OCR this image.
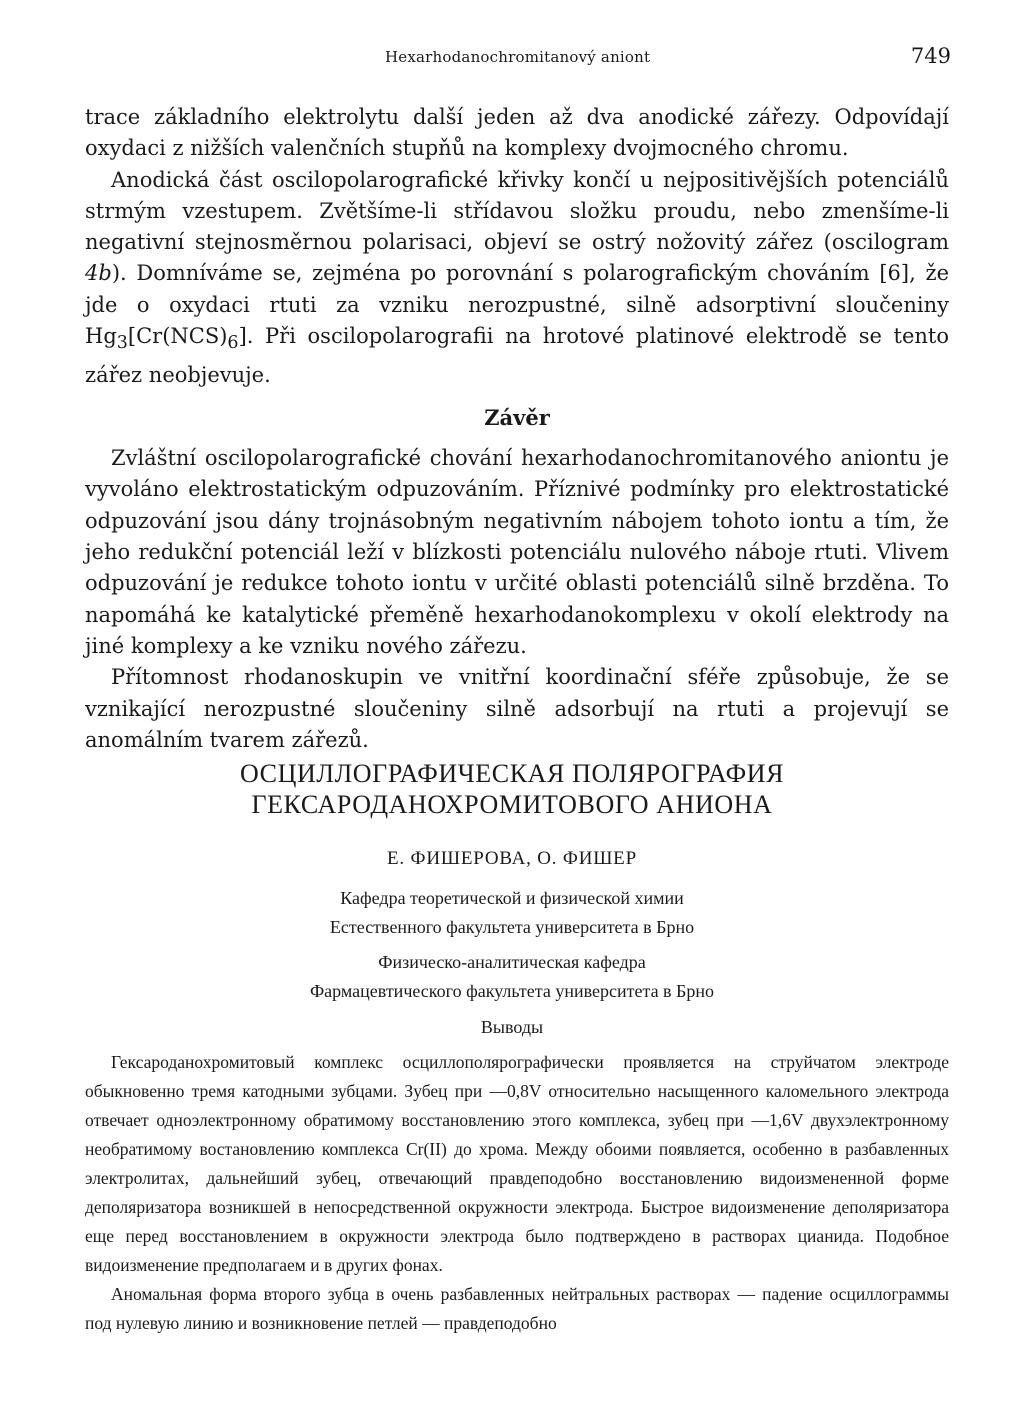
Hexarhodanochromitanový aniont	749

trace základního elektrolytu další jeden až dva anodické zářezy. Odpovídají oxydaci z nižších valenčních stupňů na komplexy dvojmocného chromu.

Anodická část oscilopolarografické křivky končí u nejpositivějších potenciálů strmým vzestupem. Zvětšíme-li střídavou složku proudu, nebo zmenšíme-li negativní stejnosměrnou polarisaci, objeví se ostrý nožovitý zářez (oscilogram 4b). Domníváme se, zejména po porovnání s polarografickým chováním [6], že jde o oxydaci rtuti za vzniku nerozpustné, silně adsorptivní sloučeniny $Hg_3[Cr(NCS)_6]$. Při oscilopolarografii na hrotové platinové elektrodě se tento zářez neobjevuje.

Závěr

Zvláštní oscilopolarografické chování hexarhodanochromitanového aniontu je vyvoláno elektrostatickým odpuzováním. Příznivé podmínky pro elektrostatické odpuzování jsou dány trojnásobným negativním nábojem tohoto iontu a tím, že jeho redukční potenciál leží v blízkosti potenciálu nulového náboje rtuti. Vlivem odpuzování je redukce tohoto iontu v určité oblasti potenciálů silně brzděna. To napomáhá ke katalytické přeměně hexarhodanokomplexu v okolí elektrody na jiné komplexy a ke vzniku nového zářezu.

Přítomnost rhodanoskupin ve vnitřní koordinační sféře způsobuje, že se vznikající nerozpustné sloučeniny silně adsorbují na rtuti a projevují se anomálním tvarem zářezů.

ОСЦИЛЛОГРАФИЧЕСКАЯ ПОЛЯРОГРАФИЯ
ГЕКСАРОДАНОХРОМИТОВОГО АНИОНА
Е. ФИШЕРОВА, О. ФИШЕР
Кафедра теоретической и физической химии
Естественного факультета университета в Брно
Физическо-аналитическая кафедра
Фармацевтического факультета университета в Брно
Выводы

Гексароданохромитовый комплекс осциллополярографически проявляется на струйчатом электроде обыкновенно тремя катодными зубцами. Зубец при —0,8V относительно насыщенного каломельного электрода отвечает одноэлектронному обратимому восстановлению этого комплекса, зубец при —1,6V двухэлектронному необратимому востановлению комплекса Cr(II) до хрома. Между обоими появляется, особенно в разбавленных электролитах, дальнейший зубец, отвечающий правдеподобно восстановлению видоизмененной форме деполяризатора возникшей в непосредственной окружности электрода. Быстрое видоизменение деполяризатора еще перед восстановлением в окружности электрода было подтверждено в растворах цианида. Подобное видоизменение предполагаем и в других фонах.

Аномальная форма второго зубца в очень разбавленных нейтральных растворах — падение осциллограммы под нулевую линию и возникновение петлей — правдеподобно
